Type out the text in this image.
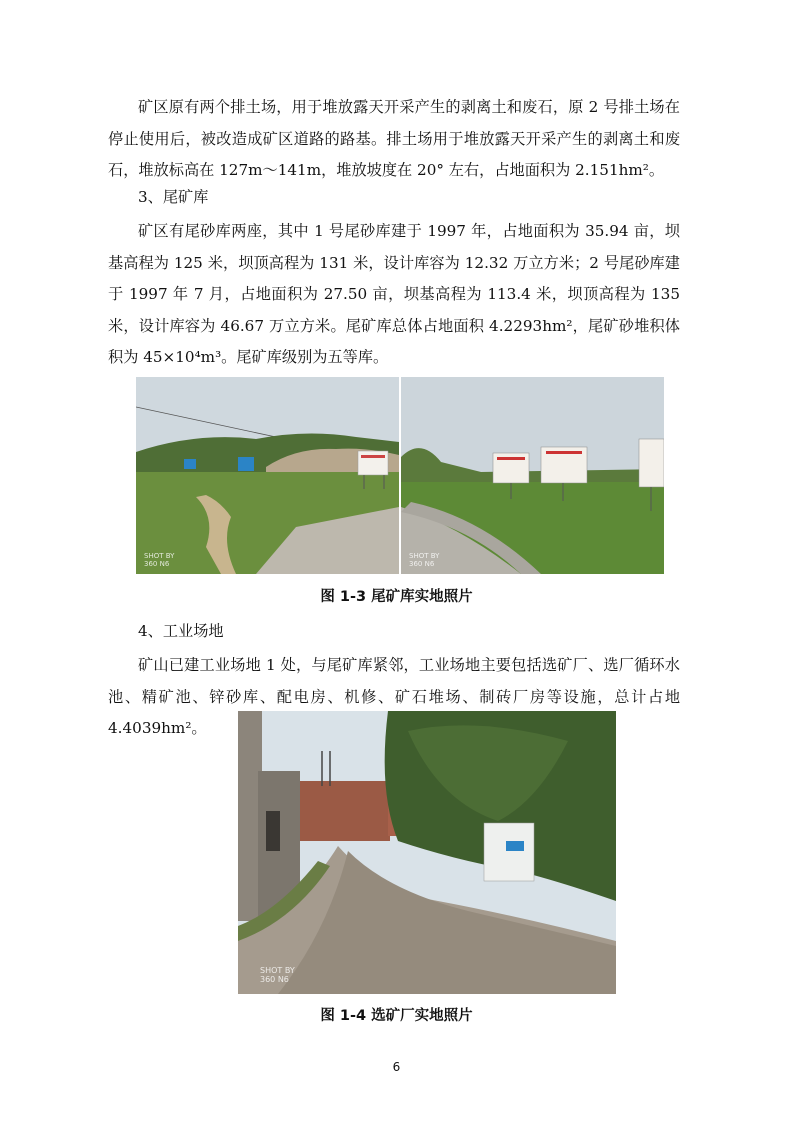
矿区原有两个排土场，用于堆放露天开采产生的剥离土和废石，原 2 号排土场在停止使用后，被改造成矿区道路的路基。排土场用于堆放露天开采产生的剥离土和废石，堆放标高在 127m～141m，堆放坡度在 20° 左右，占地面积为 2.151hm²。

3、尾矿库

矿区有尾砂库两座，其中 1 号尾砂库建于 1997 年，占地面积为 35.94 亩，坝基高程为 125 米，坝顶高程为 131 米，设计库容为 12.32 万立方米；2 号尾砂库建于 1997 年 7 月，占地面积为 27.50 亩，坝基高程为 113.4 米，坝顶高程为 135 米，设计库容为 46.67 万立方米。尾矿库总体占地面积 4.2293hm²，尾矿砂堆积体积为 45×10⁴m³。尾矿库级别为五等库。

SHOT BY
360 N6
SHOT BY
360 N6

图 1-3 尾矿库实地照片

4、工业场地

矿山已建工业场地 1 处，与尾矿库紧邻，工业场地主要包括选矿厂、选厂循环水池、精矿池、锌砂库、配电房、机修、矿石堆场、制砖厂房等设施，总计占地 4.4039hm²。

SHOT BY
360 N6

图 1-4 选矿厂实地照片

6
